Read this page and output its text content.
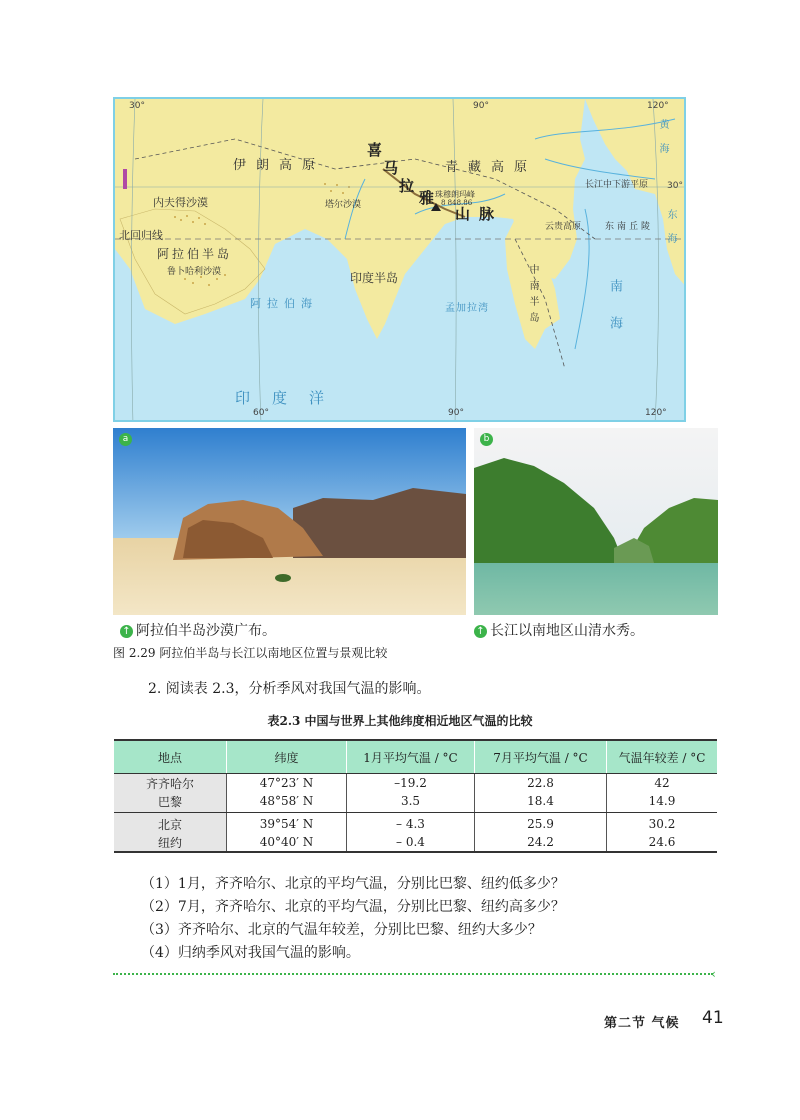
30°	90°	120°
60°	90°	120°
30°
伊朗高原	青藏高原
内夫得沙漠	塔尔沙漠
长江中下游平原
云贵高原	东南丘陵
北回归线
阿拉伯半岛
鲁卜哈利沙漠	印度半岛
阿拉伯海	孟加拉湾
印度洋
珠穆朗玛峰
8 848.86
中南半岛	南海
东海
黄海
喜
马
拉
雅
山 脉
a	b
↑ 阿拉伯半岛沙漠广布。	↑ 长江以南地区山清水秀。
图 2.29 阿拉伯半岛与长江以南地区位置与景观比较
2. 阅读表 2.3，分析季风对我国气温的影响。
表2.3 中国与世界上其他纬度相近地区气温的比较
地点	纬度	1月平均气温 / °C	7月平均气温 / °C	气温年较差 / °C
齐齐哈尔	47°23′ N	–19.2	22.8	42
巴黎	48°58′ N	3.5	18.4	14.9
北京	39°54′ N	– 4.3	25.9	30.2
纽约	40°40′ N	– 0.4	24.2	24.6
（1）1月，齐齐哈尔、北京的平均气温，分别比巴黎、纽约低多少？
（2）7月，齐齐哈尔、北京的平均气温，分别比巴黎、纽约高多少？
（3）齐齐哈尔、北京的气温年较差，分别比巴黎、纽约大多少？
（4）归纳季风对我国气温的影响。
‹
第二节 气候 41
